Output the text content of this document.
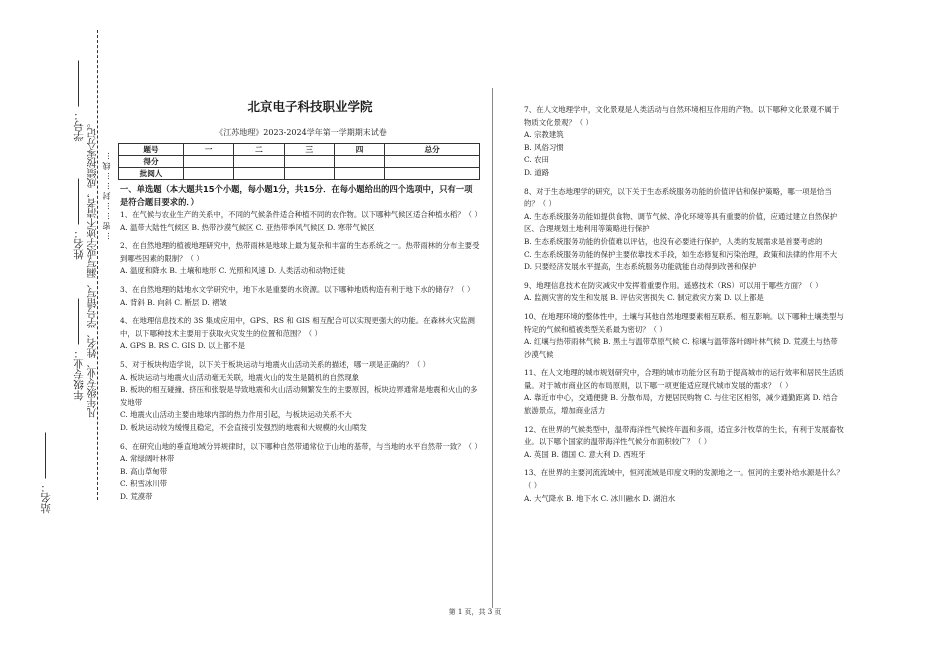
学号：
姓名：
年级专业：
站名：
凡年级专业、姓名、学号错写、漏写或字迹不清者，成绩按零分记。 …密……封……线…
北京电子科技职业学院
《江苏地理》2023-2024学年第一学期期末试卷
题号	一	二	三	四	总分
得分					
批阅人					
一、单选题（本大题共15个小题，每小题1分，共15分．在每小题给出的四个选项中，只有一项是符合题目要求的．）

1、在气候与农业生产的关系中，不同的气候条件适合种植不同的农作物。以下哪种气候区适合种植水稻？（ ）

A. 温带大陆性气候区 B. 热带沙漠气候区 C. 亚热带季风气候区 D. 寒带气候区

2、在自然地理的植被地理研究中，热带雨林是地球上最为复杂和丰富的生态系统之一。热带雨林的分布主要受到哪些因素的限制？（ ）

A. 温度和降水 B. 土壤和地形 C. 光照和风速 D. 人类活动和动物迁徙

3、在自然地理的陆地水文学研究中，地下水是重要的水资源。以下哪种地质构造有利于地下水的储存？（ ）

A. 背斜 B. 向斜 C. 断层 D. 褶皱

4、在地理信息技术的 3S 集成应用中，GPS、RS 和 GIS 相互配合可以实现更强大的功能。在森林火灾监测中，以下哪种技术主要用于获取火灾发生的位置和范围？（ ）

A. GPS B. RS C. GIS D. 以上都不是

5、对于板块构造学说，以下关于板块运动与地震火山活动关系的描述，哪一项是正确的？（ ）

A. 板块运动与地震火山活动毫无关联，地震火山的发生是随机的自然现象

B. 板块的相互碰撞、挤压和张裂是导致地震和火山活动频繁发生的主要原因，板块边界通常是地震和火山的多发地带

C. 地震火山活动主要由地球内部的热力作用引起，与板块运动关系不大

D. 板块运动较为缓慢且稳定，不会直接引发强烈的地震和大规模的火山喷发

6、在研究山地的垂直地域分异规律时，以下哪种自然带通常位于山地的基带，与当地的水平自然带一致？（ ）

A. 常绿阔叶林带

B. 高山草甸带

C. 积雪冰川带

D. 荒漠带

7、在人文地理学中，文化景观是人类活动与自然环境相互作用的产物。以下哪种文化景观不属于物质文化景观？（ ）

A. 宗教建筑

B. 风俗习惯

C. 农田

D. 道路

8、对于生态地理学的研究，以下关于生态系统服务功能的价值评估和保护策略，哪一项是恰当的？（ ）

A. 生态系统服务功能如提供食物、调节气候、净化环境等具有重要的价值，应通过建立自然保护区、合理规划土地利用等策略进行保护

B. 生态系统服务功能的价值难以评估，也没有必要进行保护，人类的发展需求是首要考虑的

C. 生态系统服务功能的保护主要依靠技术手段，如生态修复和污染治理，政策和法律的作用不大

D. 只要经济发展水平提高，生态系统服务功能就能自动得到改善和保护

9、地理信息技术在防灾减灾中发挥着重要作用。遥感技术（RS）可以用于哪些方面？（ ）

A. 监测灾害的发生和发展 B. 评估灾害损失 C. 制定救灾方案 D. 以上都是

10、在地理环境的整体性中，土壤与其他自然地理要素相互联系、相互影响。以下哪种土壤类型与特定的气候和植被类型关系最为密切？（ ）

A. 红壤与热带雨林气候 B. 黑土与温带草原气候 C. 棕壤与温带落叶阔叶林气候 D. 荒漠土与热带沙漠气候

11、在人文地理的城市规划研究中，合理的城市功能分区有助于提高城市的运行效率和居民生活质量。对于城市商业区的布局原则，以下哪一项更能适应现代城市发展的需求？（ ）

A. 靠近市中心，交通便捷 B. 分散布局，方便居民购物 C. 与住宅区相邻，减少通勤距离 D. 结合旅游景点，增加商业活力

12、在世界的气候类型中，温带海洋性气候终年温和多雨，适宜多汁牧草的生长，有利于发展畜牧业。以下哪个国家的温带海洋性气候分布面积较广？（ ）

A. 英国 B. 德国 C. 意大利 D. 西班牙

13、在世界的主要河流流域中，恒河流域是印度文明的发源地之一。恒河的主要补给水源是什么？（ ）

A. 大气降水 B. 地下水 C. 冰川融水 D. 湖泊水

第 1 页，共 3 页
